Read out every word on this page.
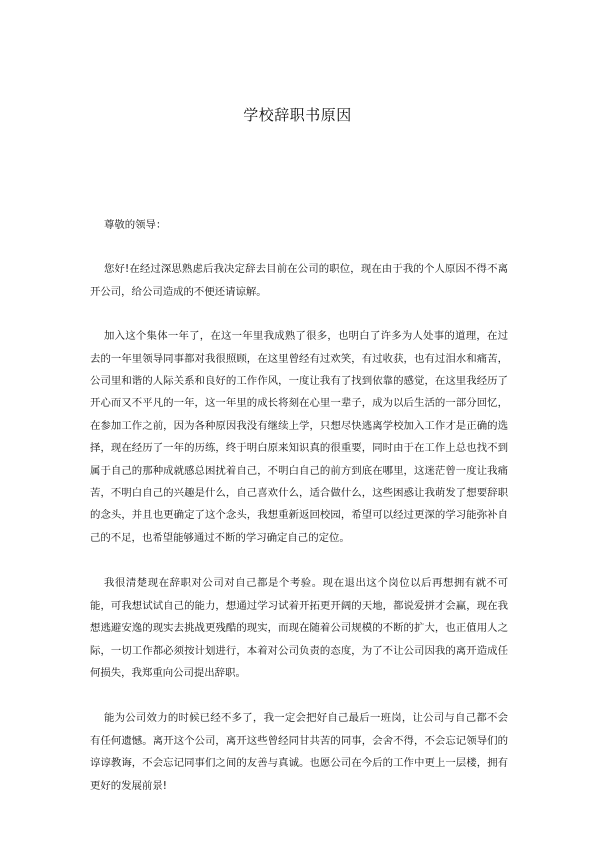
学校辞职书原因

尊敬的领导：

您好!在经过深思熟虑后我决定辞去目前在公司的职位，现在由于我的个人原因不得不离开公司，给公司造成的不便还请谅解。

加入这个集体一年了，在这一年里我成熟了很多，也明白了许多为人处事的道理，在过去的一年里领导同事都对我很照顾，在这里曾经有过欢笑，有过收获，也有过泪水和痛苦，公司里和谐的人际关系和良好的工作作风，一度让我有了找到依靠的感觉，在这里我经历了开心而又不平凡的一年，这一年里的成长将刻在心里一辈子，成为以后生活的一部分回忆，在参加工作之前，因为各种原因我没有继续上学，只想尽快逃离学校加入工作才是正确的选择，现在经历了一年的历练，终于明白原来知识真的很重要，同时由于在工作上总也找不到属于自己的那种成就感总困扰着自己，不明白自己的前方到底在哪里，这迷茫曾一度让我痛苦，不明白自己的兴趣是什么，自己喜欢什么，适合做什么，这些困惑让我萌发了想要辞职的念头，并且也更确定了这个念头，我想重新返回校园，希望可以经过更深的学习能弥补自己的不足，也希望能够通过不断的学习确定自己的定位。

我很清楚现在辞职对公司对自己都是个考验。现在退出这个岗位以后再想拥有就不可能，可我想试试自己的能力，想通过学习试着开拓更开阔的天地，都说爱拼才会赢，现在我想逃避安逸的现实去挑战更残酷的现实，而现在随着公司规模的不断的扩大，也正值用人之际，一切工作都必须按计划进行，本着对公司负责的态度，为了不让公司因我的离开造成任何损失，我郑重向公司提出辞职。

能为公司效力的时候已经不多了，我一定会把好自己最后一班岗，让公司与自己都不会有任何遗憾。离开这个公司，离开这些曾经同甘共苦的同事，会舍不得，不会忘记领导们的谆谆教诲，不会忘记同事们之间的友善与真诚。也愿公司在今后的工作中更上一层楼，拥有更好的发展前景!
